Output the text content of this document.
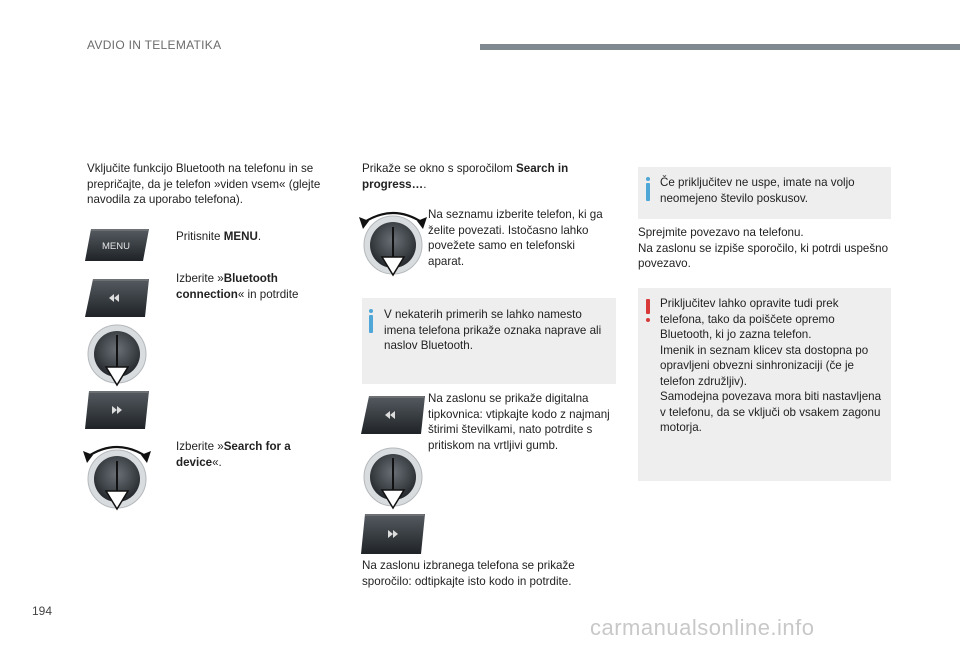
AVDIO IN TELEMATIKA
Vključite funkcijo Bluetooth na telefonu in se prepričajte, da je telefon »viden vsem« (glejte navodila za uporabo telefona).
MENU
Pritisnite MENU.
Izberite »Bluetooth connection« in potrdite
Izberite »Search for a device«.
Prikaže se okno s sporočilom Search in progress….
Na seznamu izberite telefon, ki ga želite povezati. Istočasno lahko povežete samo en telefonski aparat.
V nekaterih primerih se lahko namesto imena telefona prikaže oznaka naprave ali naslov Bluetooth.
Na zaslonu se prikaže digitalna tipkovnica: vtipkajte kodo z najmanj štirimi številkami, nato potrdite s pritiskom na vrtljivi gumb.
Na zaslonu izbranega telefona se prikaže sporočilo: odtipkajte isto kodo in potrdite.
Če priključitev ne uspe, imate na voljo neomejeno število poskusov.
Sprejmite povezavo na telefonu.
Na zaslonu se izpiše sporočilo, ki potrdi uspešno povezavo.
Priključitev lahko opravite tudi prek telefona, tako da poiščete opremo Bluetooth, ki jo zazna telefon.
Imenik in seznam klicev sta dostopna po opravljeni obvezni sinhronizaciji (če je telefon združljiv).
Samodejna povezava mora biti nastavljena v telefonu, da se vključi ob vsakem zagonu motorja.
194
carmanualsonline.info
